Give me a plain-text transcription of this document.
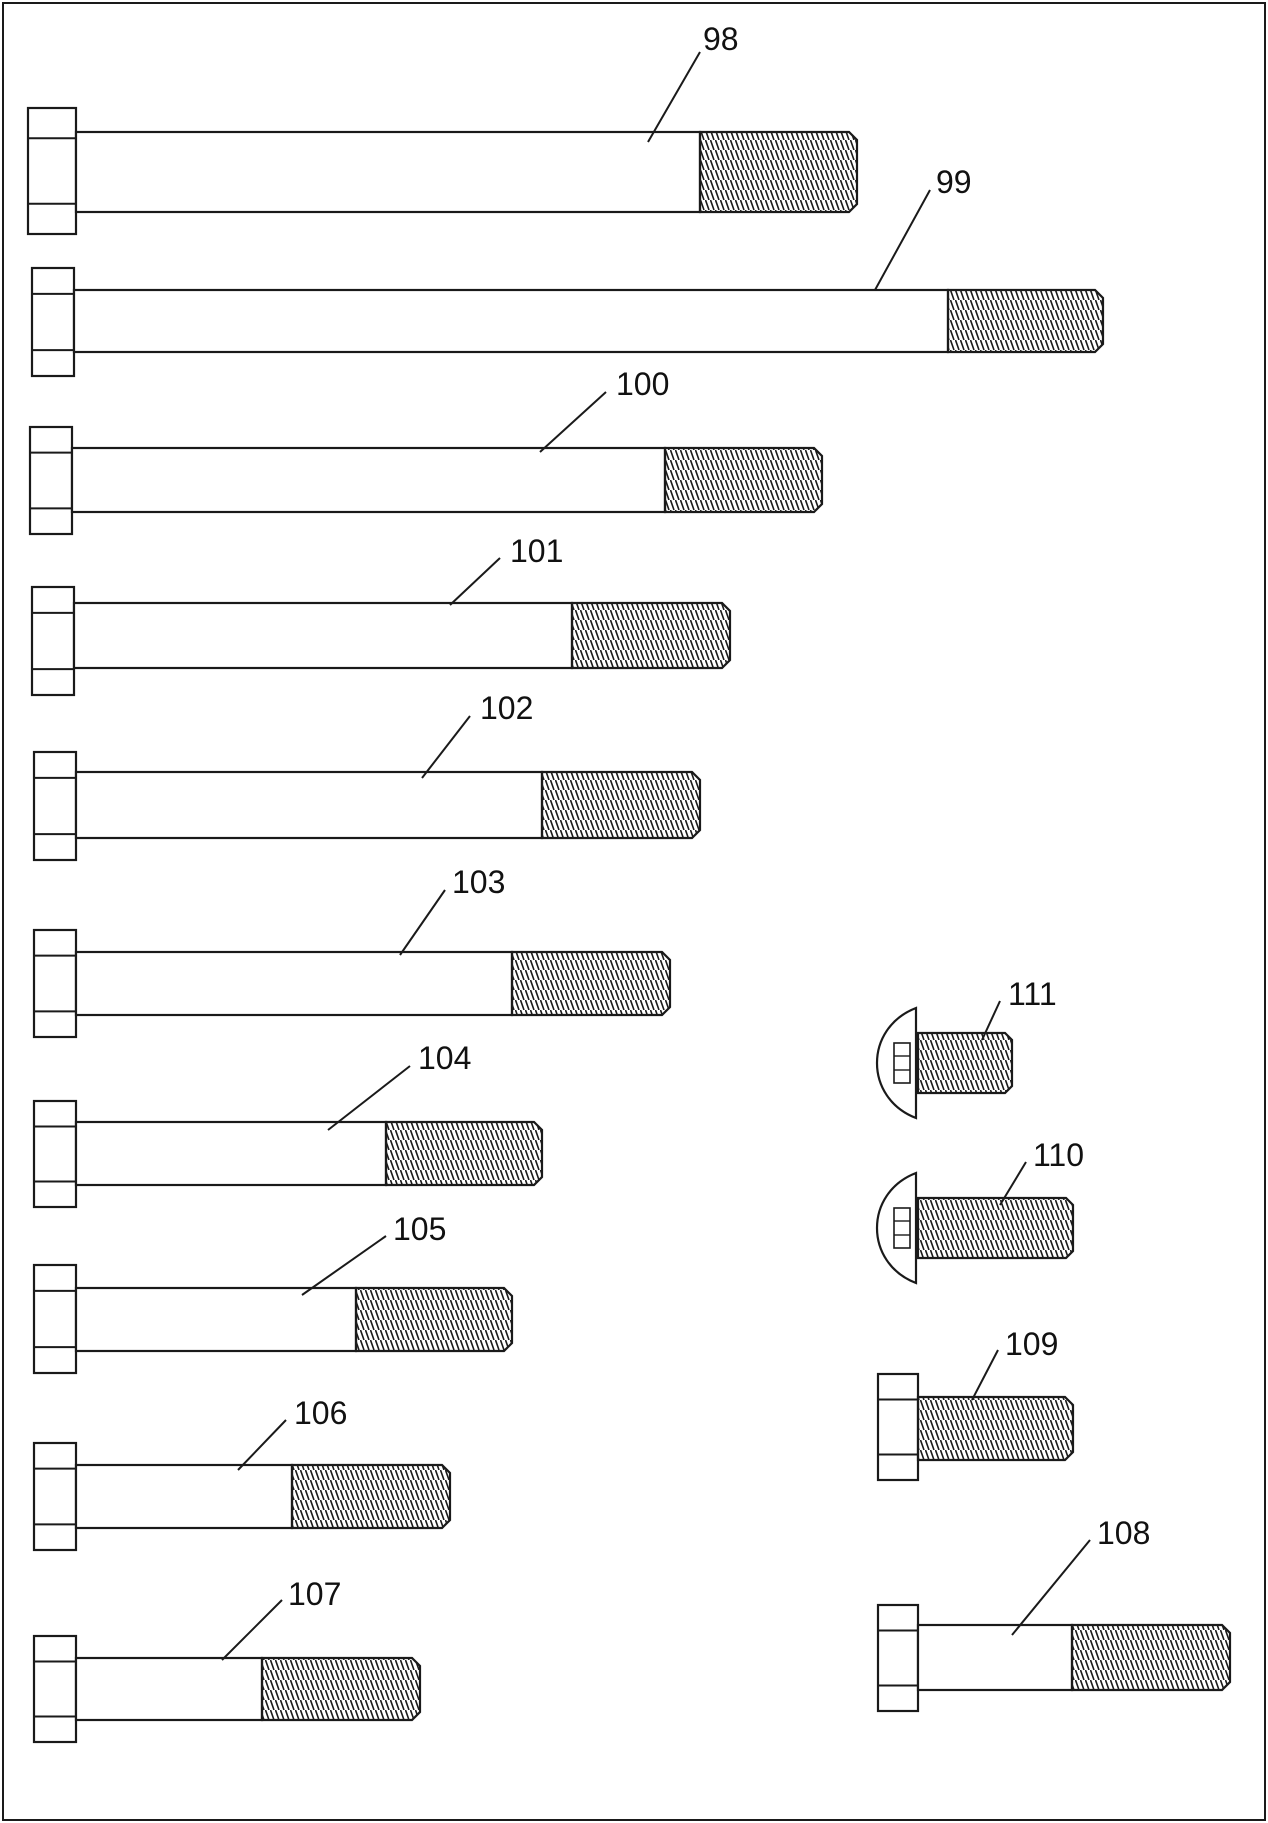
98
99
100
101
102
103
104
105
106
107
108
109
110
111
